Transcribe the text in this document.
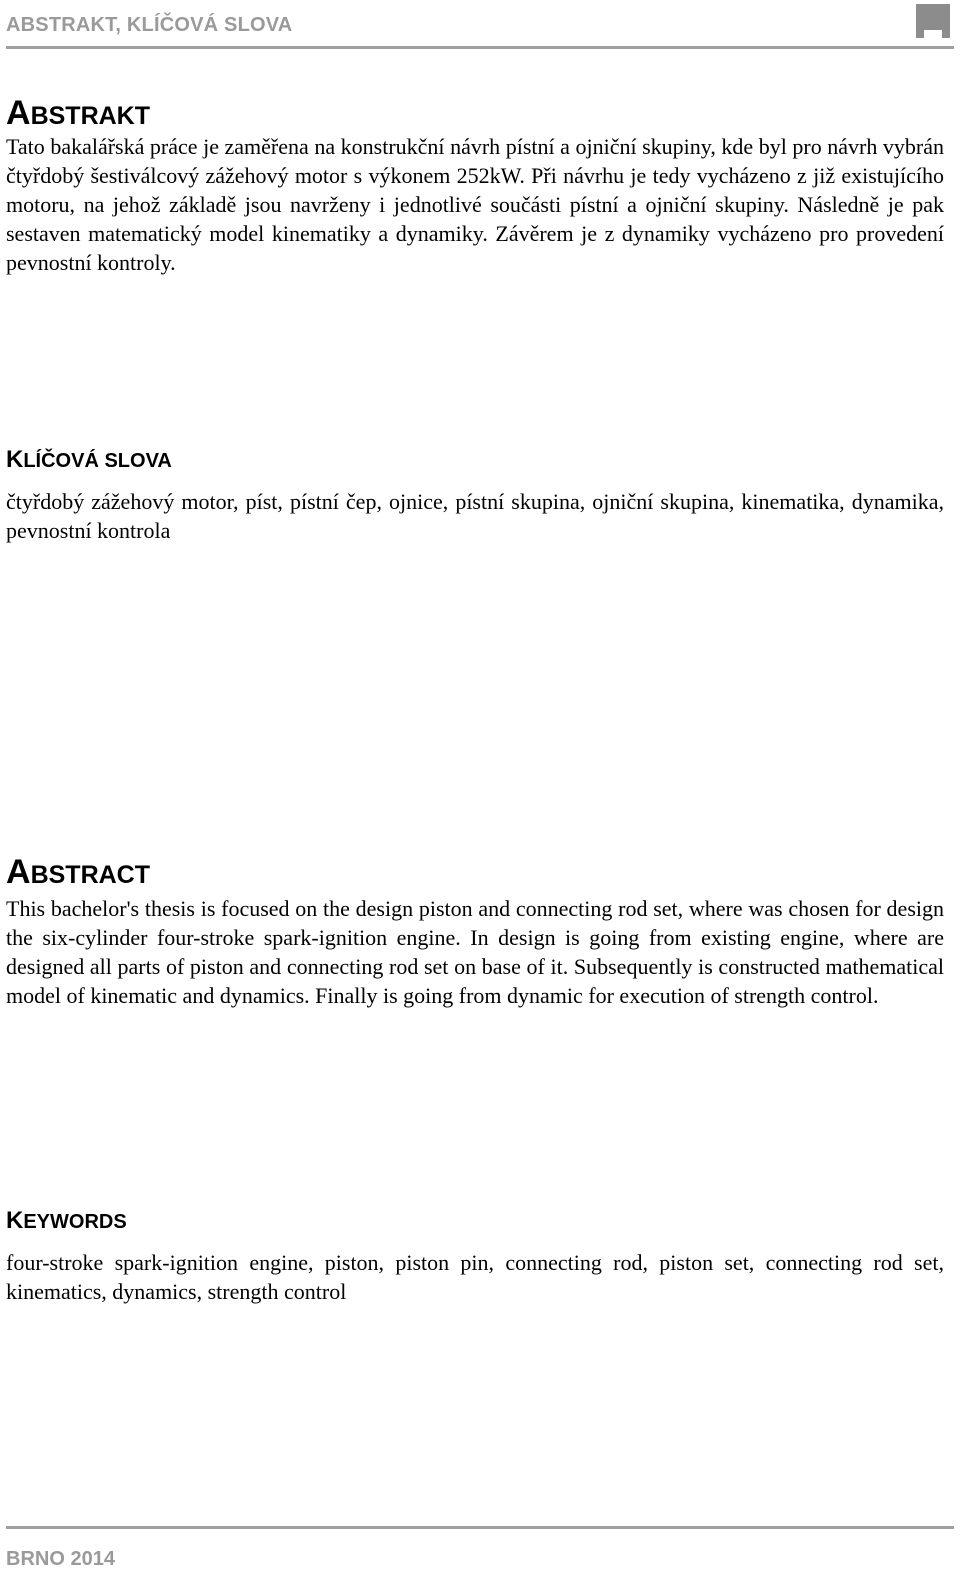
ABSTRAKT, KLÍČOVÁ SLOVA
ABSTRAKT

Tato bakalářská práce je zaměřena na konstrukční návrh pístní a ojniční skupiny, kde byl pro návrh vybrán čtyřdobý šestiválcový zážehový motor s výkonem 252kW. Při návrhu je tedy vycházeno z již existujícího motoru, na jehož základě jsou navrženy i jednotlivé součásti pístní a ojniční skupiny. Následně je pak sestaven matematický model kinematiky a dynamiky. Závěrem je z dynamiky vycházeno pro provedení pevnostní kontroly.

KLÍČOVÁ SLOVA

čtyřdobý zážehový motor, píst, pístní čep, ojnice, pístní skupina, ojniční skupina, kinematika, dynamika, pevnostní kontrola

ABSTRACT

This bachelor's thesis is focused on the design piston and connecting rod set, where was chosen for design the six-cylinder four-stroke spark-ignition engine. In design is going from existing engine, where are designed all parts of piston and connecting rod set on base of it. Subsequently is constructed mathematical model of kinematic and dynamics. Finally is going from dynamic for execution of strength control.

KEYWORDS

four-stroke spark-ignition engine, piston, piston pin, connecting rod, piston set, connecting rod set, kinematics, dynamics, strength control

BRNO 2014
